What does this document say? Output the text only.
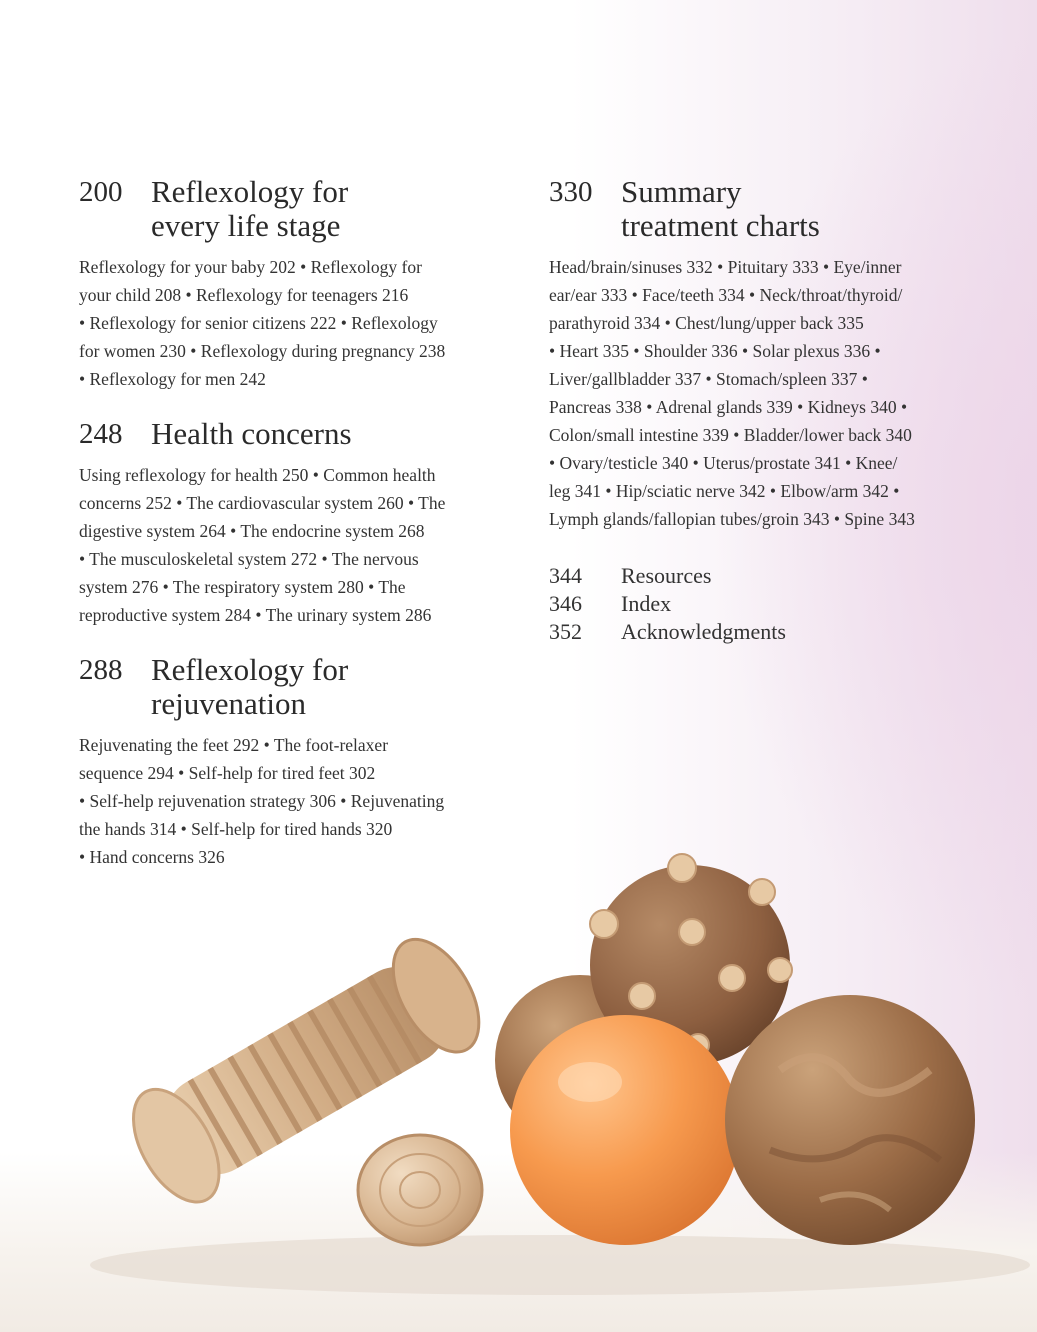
200 Reflexology for
every life stage
Reflexology for your baby 202 • Reflexology for
your child 208 • Reflexology for teenagers 216
• Reflexology for senior citizens 222 • Reflexology
for women 230 • Reflexology during pregnancy 238
• Reflexology for men 242
248 Health concerns
Using reflexology for health 250 • Common health
concerns 252 • The cardiovascular system 260 • The
digestive system 264 • The endocrine system 268
• The musculoskeletal system 272 • The nervous
system 276 • The respiratory system 280 • The
reproductive system 284 • The urinary system 286
288 Reflexology for
rejuvenation
Rejuvenating the feet 292 • The foot-relaxer
sequence 294 • Self-help for tired feet 302
• Self-help rejuvenation strategy 306 • Rejuvenating
the hands 314 • Self-help for tired hands 320
• Hand concerns 326
330 Summary
treatment charts
Head/brain/sinuses 332 • Pituitary 333 • Eye/inner
ear/ear 333 • Face/teeth 334 • Neck/throat/thyroid/
parathyroid 334 • Chest/lung/upper back 335
• Heart 335 • Shoulder 336 • Solar plexus 336 •
Liver/gallbladder 337 • Stomach/spleen 337 •
Pancreas 338 • Adrenal glands 339 • Kidneys 340 •
Colon/small intestine 339 • Bladder/lower back 340
• Ovary/testicle 340 • Uterus/prostate 341 • Knee/
leg 341 • Hip/sciatic nerve 342 • Elbow/arm 342 •
Lymph glands/fallopian tubes/groin 343 • Spine 343
344	Resources
346	Index
352	Acknowledgments
